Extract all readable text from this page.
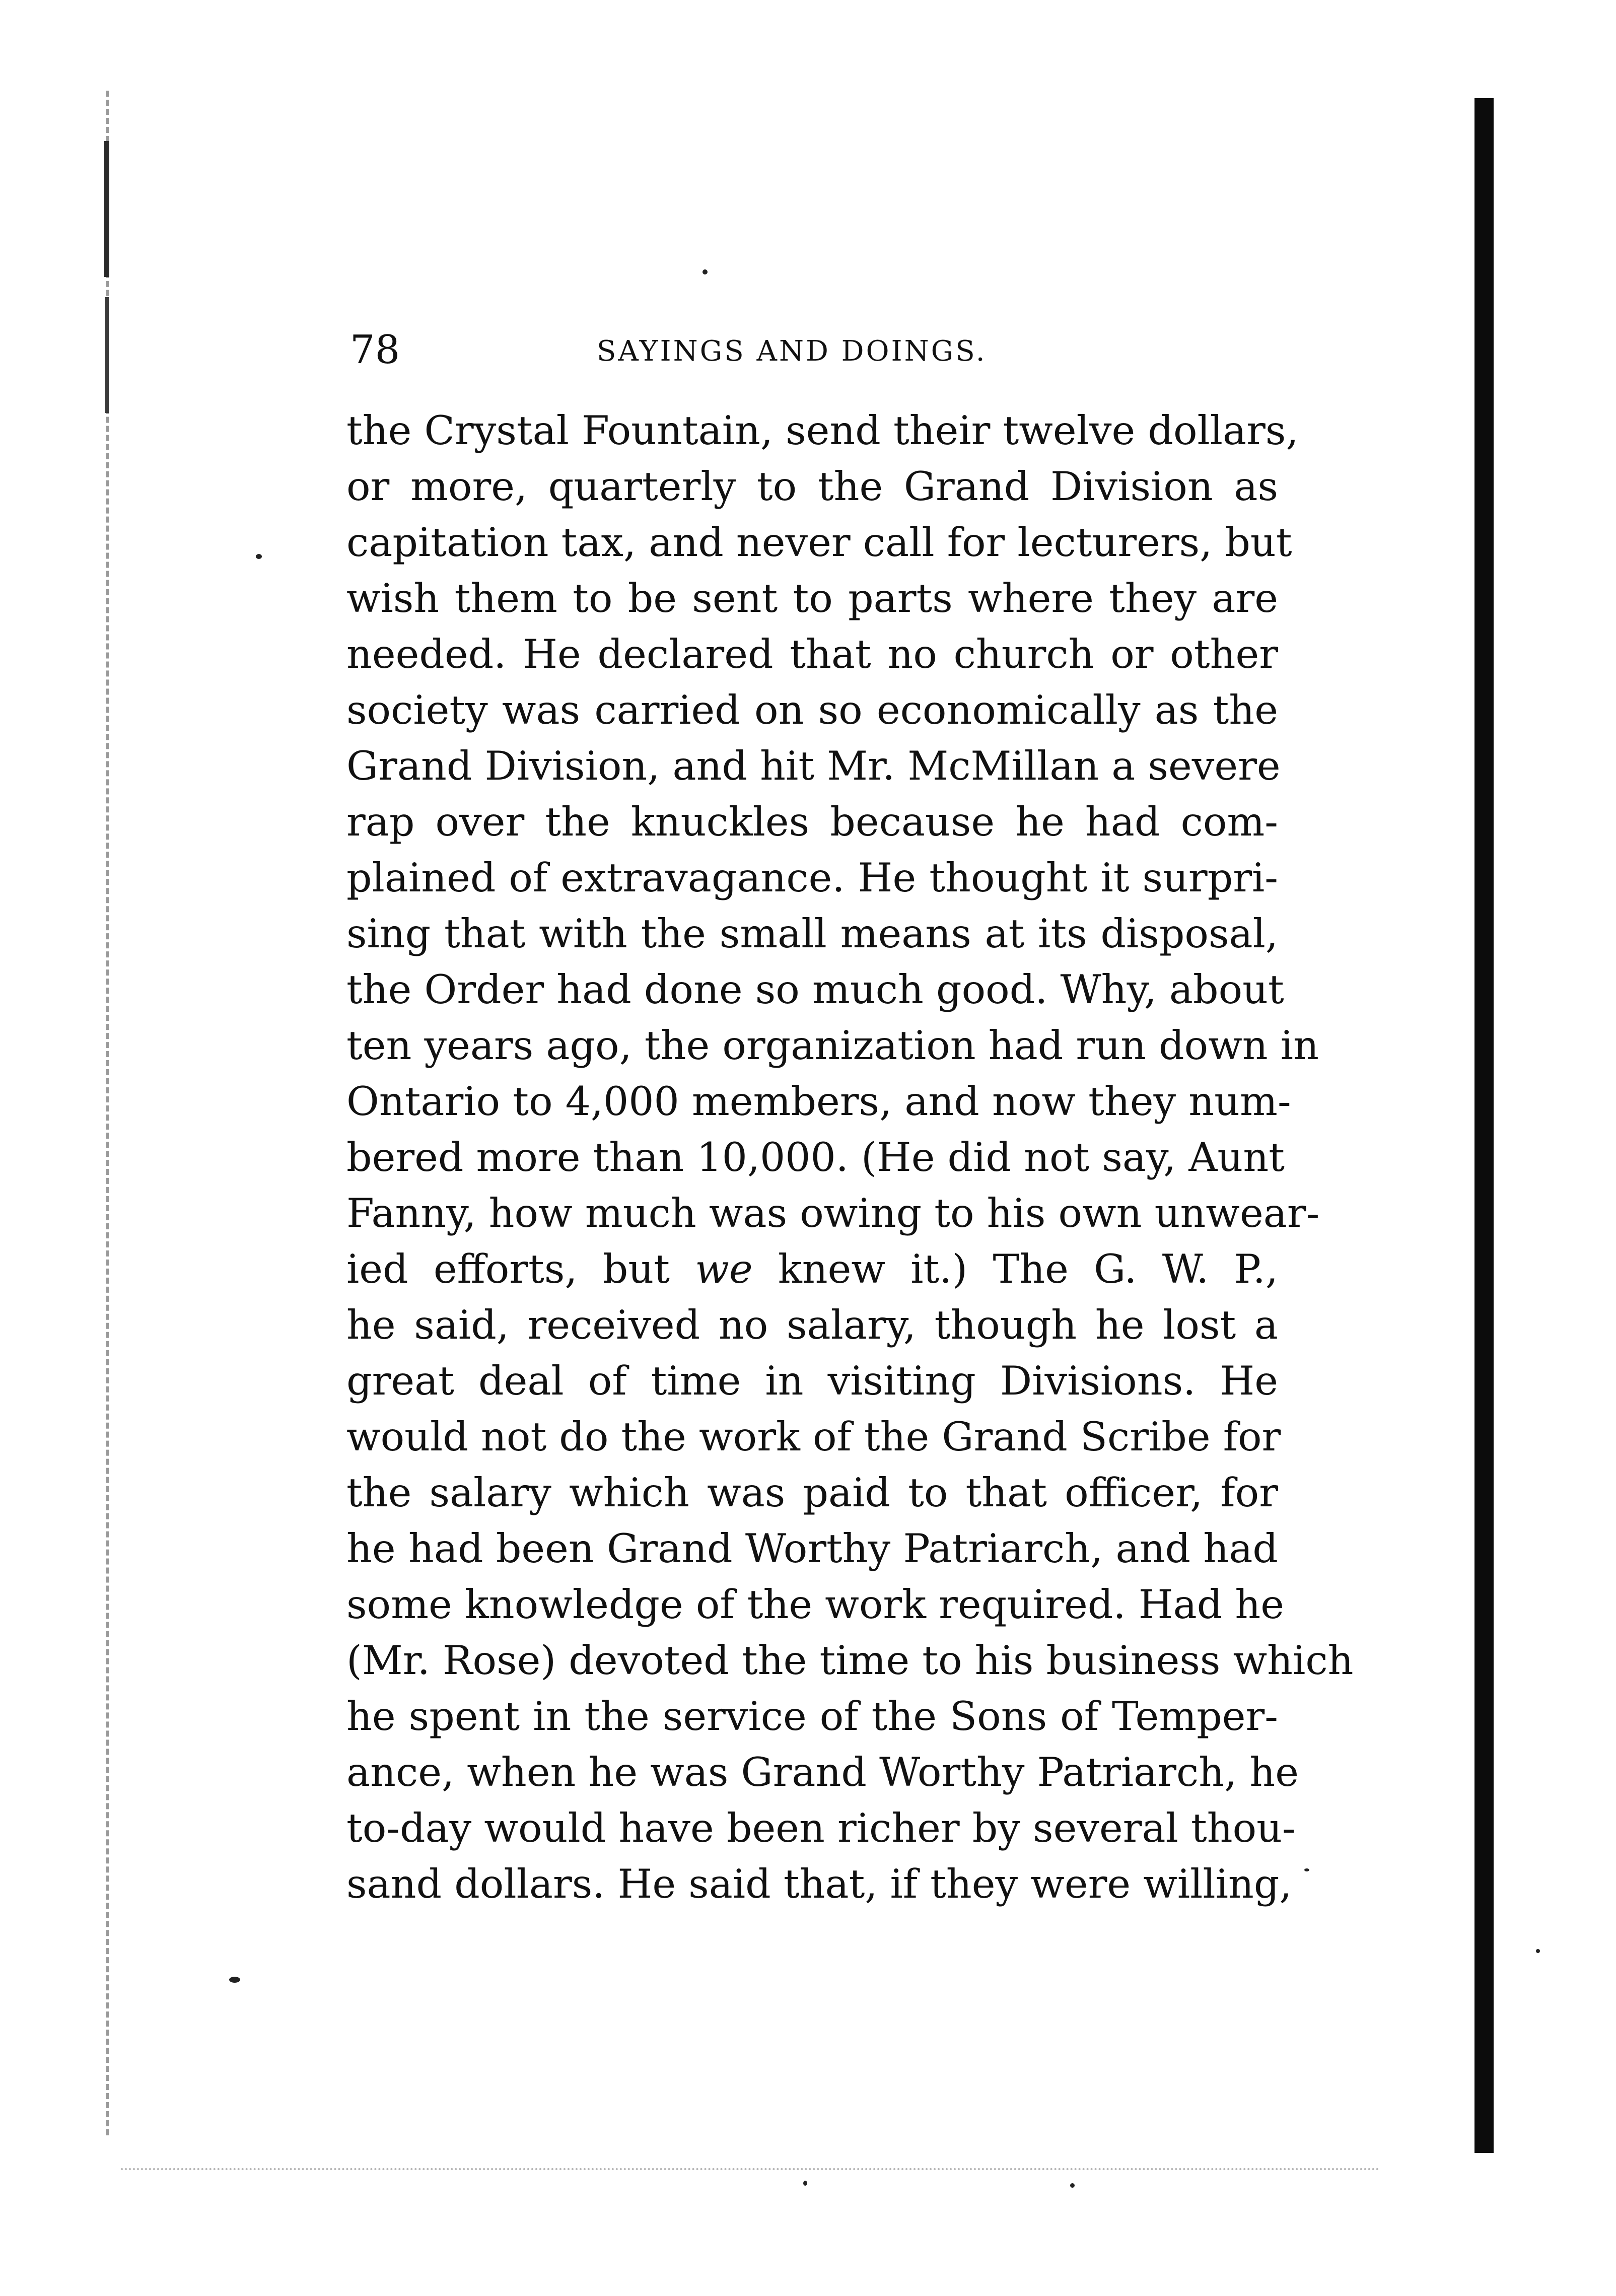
78	SAYINGS AND DOINGS.
the Crystal Fountain, send their twelve dollars,
or more, quarterly to the Grand Division as
capitation tax, and never call for lecturers, but
wish them to be sent to parts where they are
needed. He declared that no church or other
society was carried on so economically as the
Grand Division, and hit Mr. McMillan a severe
rap over the knuckles because he had com-
plained of extravagance. He thought it surpri-
sing that with the small means at its disposal,
the Order had done so much good. Why, about
ten years ago, the organization had run down in
Ontario to 4,000 members, and now they num-
bered more than 10,000. (He did not say, Aunt
Fanny, how much was owing to his own unwear-
ied efforts, but we knew it.) The G. W. P.,
he said, received no salary, though he lost a
great deal of time in visiting Divisions. He
would not do the work of the Grand Scribe for
the salary which was paid to that officer, for
he had been Grand Worthy Patriarch, and had
some knowledge of the work required. Had he
(Mr. Rose) devoted the time to his business which
he spent in the service of the Sons of Temper-
ance, when he was Grand Worthy Patriarch, he
to-day would have been richer by several thou-
sand dollars. He said that, if they were willing,
